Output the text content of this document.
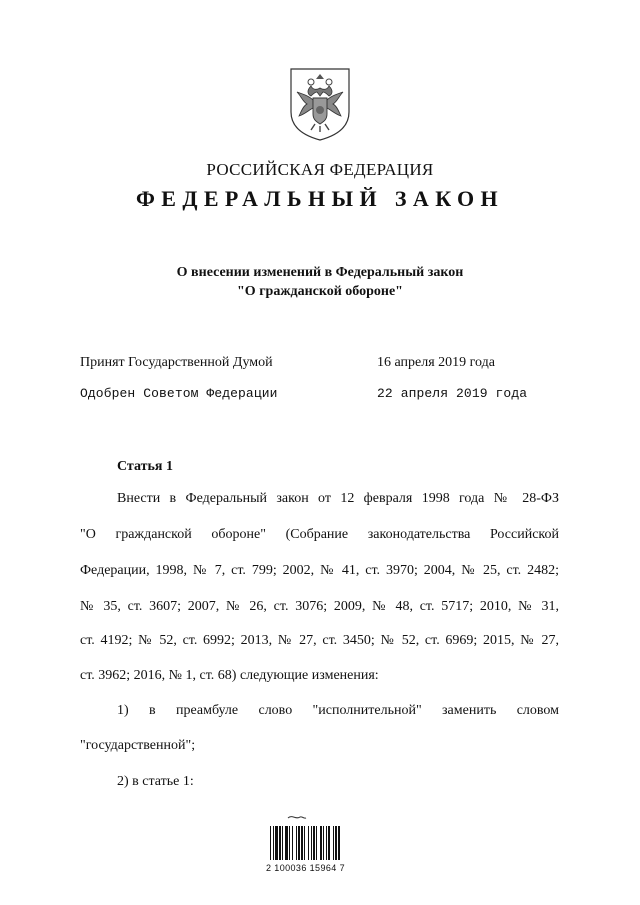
РОССИЙСКАЯ ФЕДЕРАЦИЯ
ФЕДЕРАЛЬНЫЙ ЗАКОН
О внесении изменений в Федеральный закон
"О гражданской обороне"
Принят Государственной Думой	16 апреля 2019 года
Одобрен Советом Федерации	22 апреля 2019 года
Статья 1
Внести в Федеральный закон от 12 февраля 1998 года № 28-ФЗ
"О гражданской обороне" (Собрание законодательства Российской
Федерации, 1998, № 7, ст. 799; 2002, № 41, ст. 3970; 2004, № 25, ст. 2482;
№ 35, ст. 3607; 2007, № 26, ст. 3076; 2009, № 48, ст. 5717; 2010, № 31,
ст. 4192; № 52, ст. 6992; 2013, № 27, ст. 3450; № 52, ст. 6969; 2015, № 27,
ст. 3962; 2016, № 1, ст. 68) следующие изменения:
1) в преамбуле слово "исполнительной" заменить словом
"государственной";
2) в статье 1:
2 100036 15964 7
